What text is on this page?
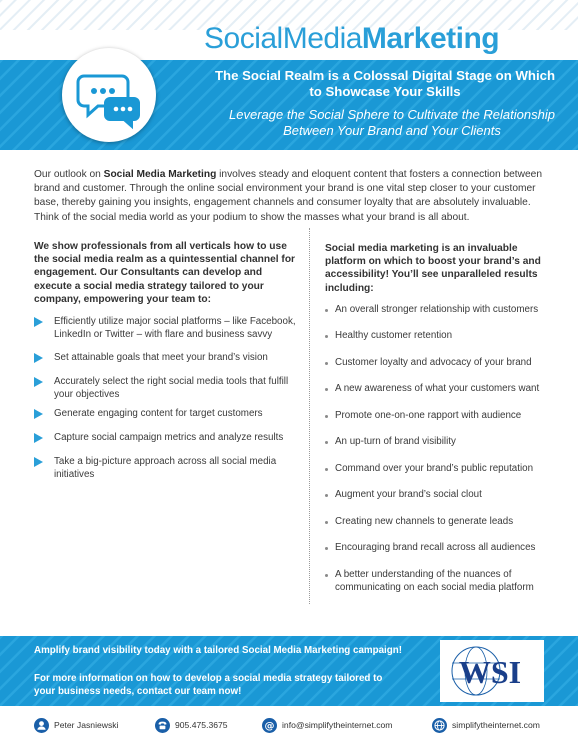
SocialMediaMarketing
The Social Realm is a Colossal Digital Stage on Which to Showcase Your Skills
Leverage the Social Sphere to Cultivate the Relationship Between Your Brand and Your Clients

Our outlook on Social Media Marketing involves steady and eloquent content that fosters a connection between brand and customer. Through the online social environment your brand is one vital step closer to your customer base, thereby gaining you insights, engagement channels and consumer loyalty that are absolutely invaluable. Think of the social media world as your podium to show the masses what your brand is all about.

We show professionals from all verticals how to use the social media realm as a quintessential channel for engagement. Our Consultants can develop and execute a social media strategy tailored to your company, empowering your team to:

Efficiently utilize major social platforms – like Facebook, LinkedIn or Twitter – with flare and business savvy
Set attainable goals that meet your brand’s vision
Accurately select the right social media tools that fulfill your objectives
Generate engaging content for target customers
Capture social campaign metrics and analyze results
Take a big-picture approach across all social media initiatives

Social media marketing is an invaluable platform on which to boost your brand’s and accessibility! You’ll see unparalleled results including:

An overall stronger relationship with customers
Healthy customer retention
Customer loyalty and advocacy of your brand
A new awareness of what your customers want
Promote one-on-one rapport with audience
An up-turn of brand visibility
Command over your brand’s public reputation
Augment your brand’s social clout
Creating new channels to generate leads
Encouraging brand recall across all audiences
A better understanding of the nuances of communicating on each social media platform
Amplify brand visibility today with a tailored Social Media Marketing campaign!
For more information on how to develop a social media strategy tailored to your business needs, contact our team now!
WSI
Peter Jasniewski	905.475.3675	@ info@simplifytheinternet.com	simplifytheinternet.com
